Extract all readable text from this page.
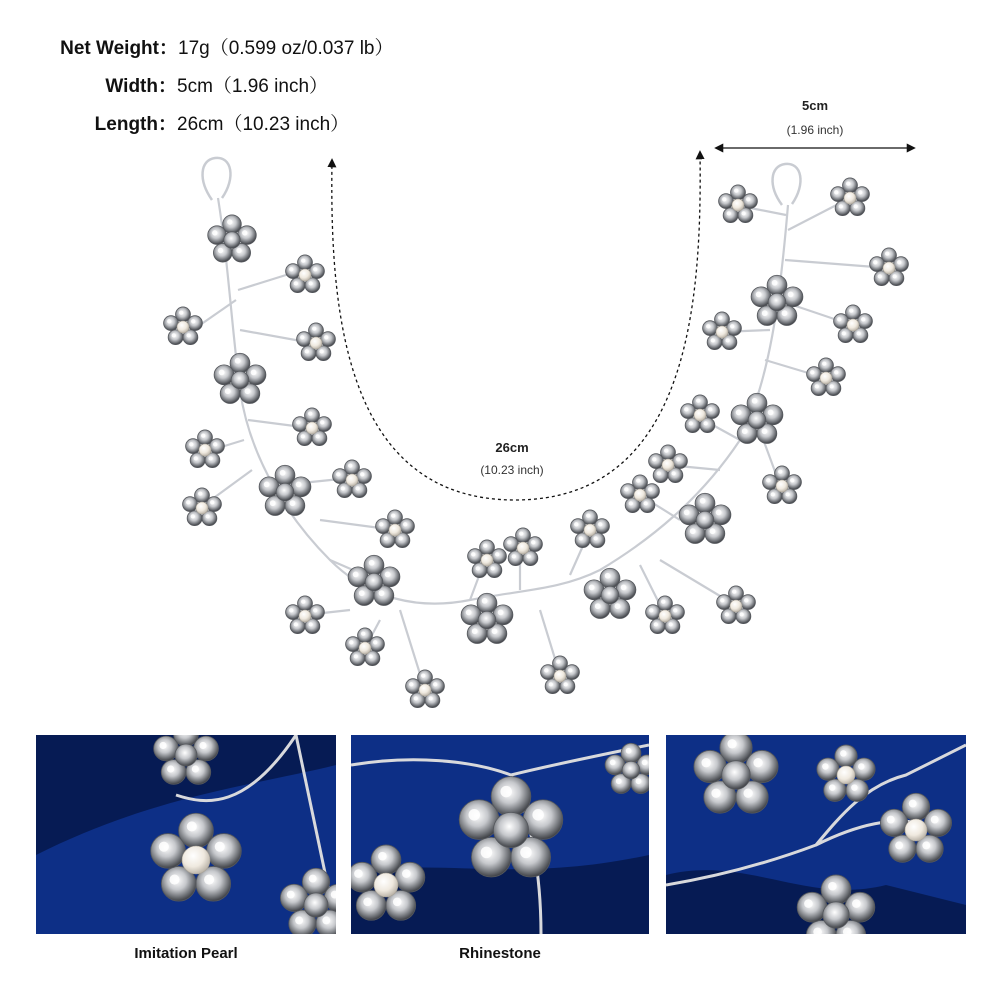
Net Weight：17g（0.599 oz/0.037 lb）
Width：5cm（1.96 inch）
Length：26cm（10.23 inch）
26cm
(10.23 inch)
5cm
(1.96 inch)
Imitation Pearl	Rhinestone
